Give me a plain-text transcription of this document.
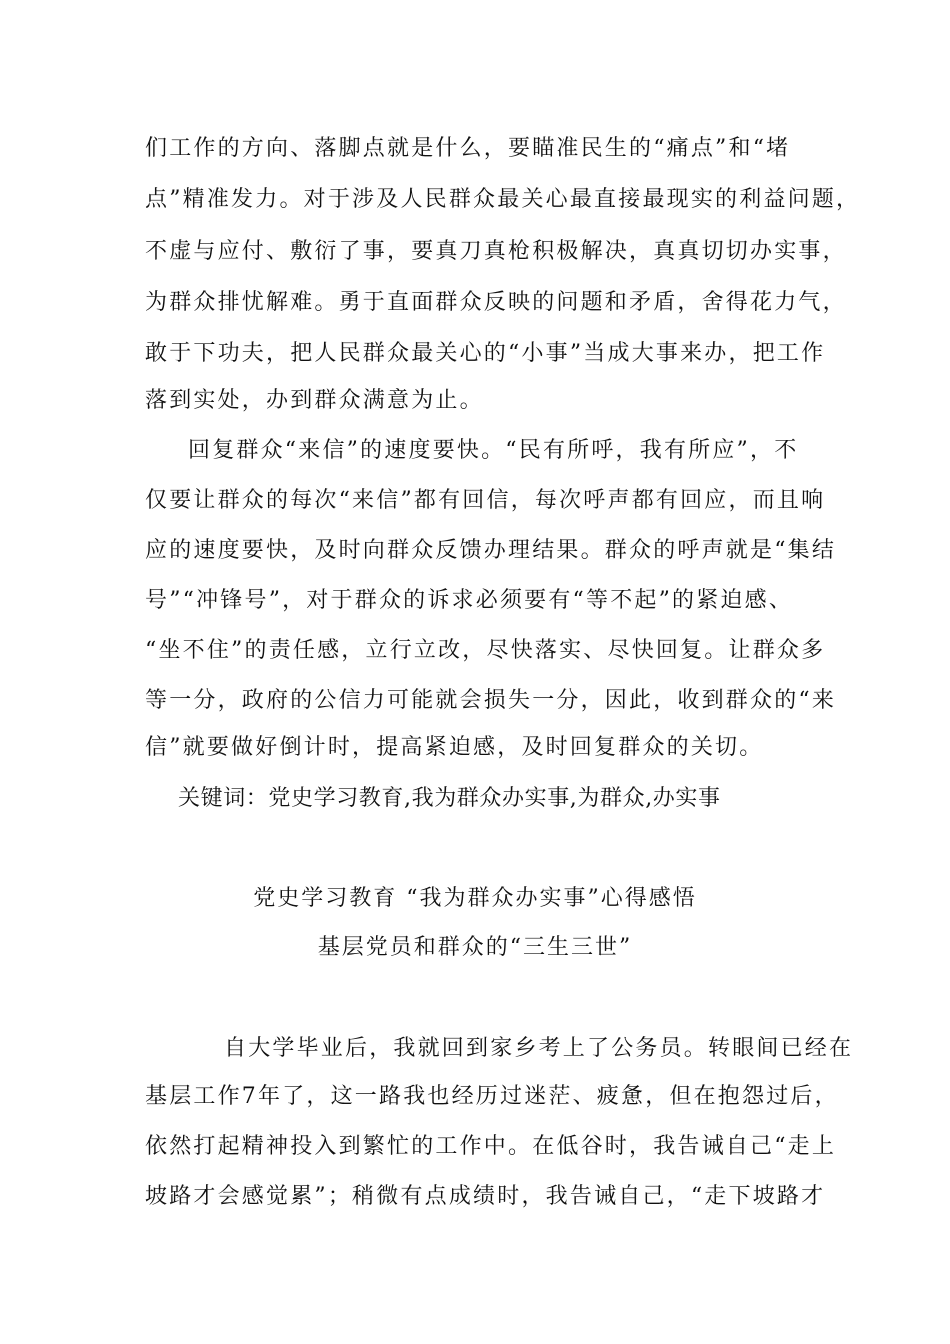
们工作的方向、落脚点就是什么，要瞄准民生的“痛点”和“堵
点”精准发力。对于涉及人民群众最关心最直接最现实的利益问题，
不虚与应付、敷衍了事，要真刀真枪积极解决，真真切切办实事，
为群众排忧解难。勇于直面群众反映的问题和矛盾，舍得花力气，
敢于下功夫，把人民群众最关心的“小事”当成大事来办，把工作
落到实处，办到群众满意为止。
回复群众“来信”的速度要快。“民有所呼，我有所应”，不
仅要让群众的每次“来信”都有回信，每次呼声都有回应，而且响
应的速度要快，及时向群众反馈办理结果。群众的呼声就是“集结
号”“冲锋号”，对于群众的诉求必须要有“等不起”的紧迫感、
“坐不住”的责任感，立行立改，尽快落实、尽快回复。让群众多
等一分，政府的公信力可能就会损失一分，因此，收到群众的“来
信”就要做好倒计时，提高紧迫感，及时回复群众的关切。
关键词：党史学习教育,我为群众办实事,为群众,办实事
党史学习教育 “我为群众办实事”心得感悟
基层党员和群众的“三生三世”
自大学毕业后，我就回到家乡考上了公务员。转眼间已经在
基层工作7年了，这一路我也经历过迷茫、疲惫，但在抱怨过后，
依然打起精神投入到繁忙的工作中。在低谷时，我告诫自己“走上
坡路才会感觉累”；稍微有点成绩时，我告诫自己，“走下坡路才
